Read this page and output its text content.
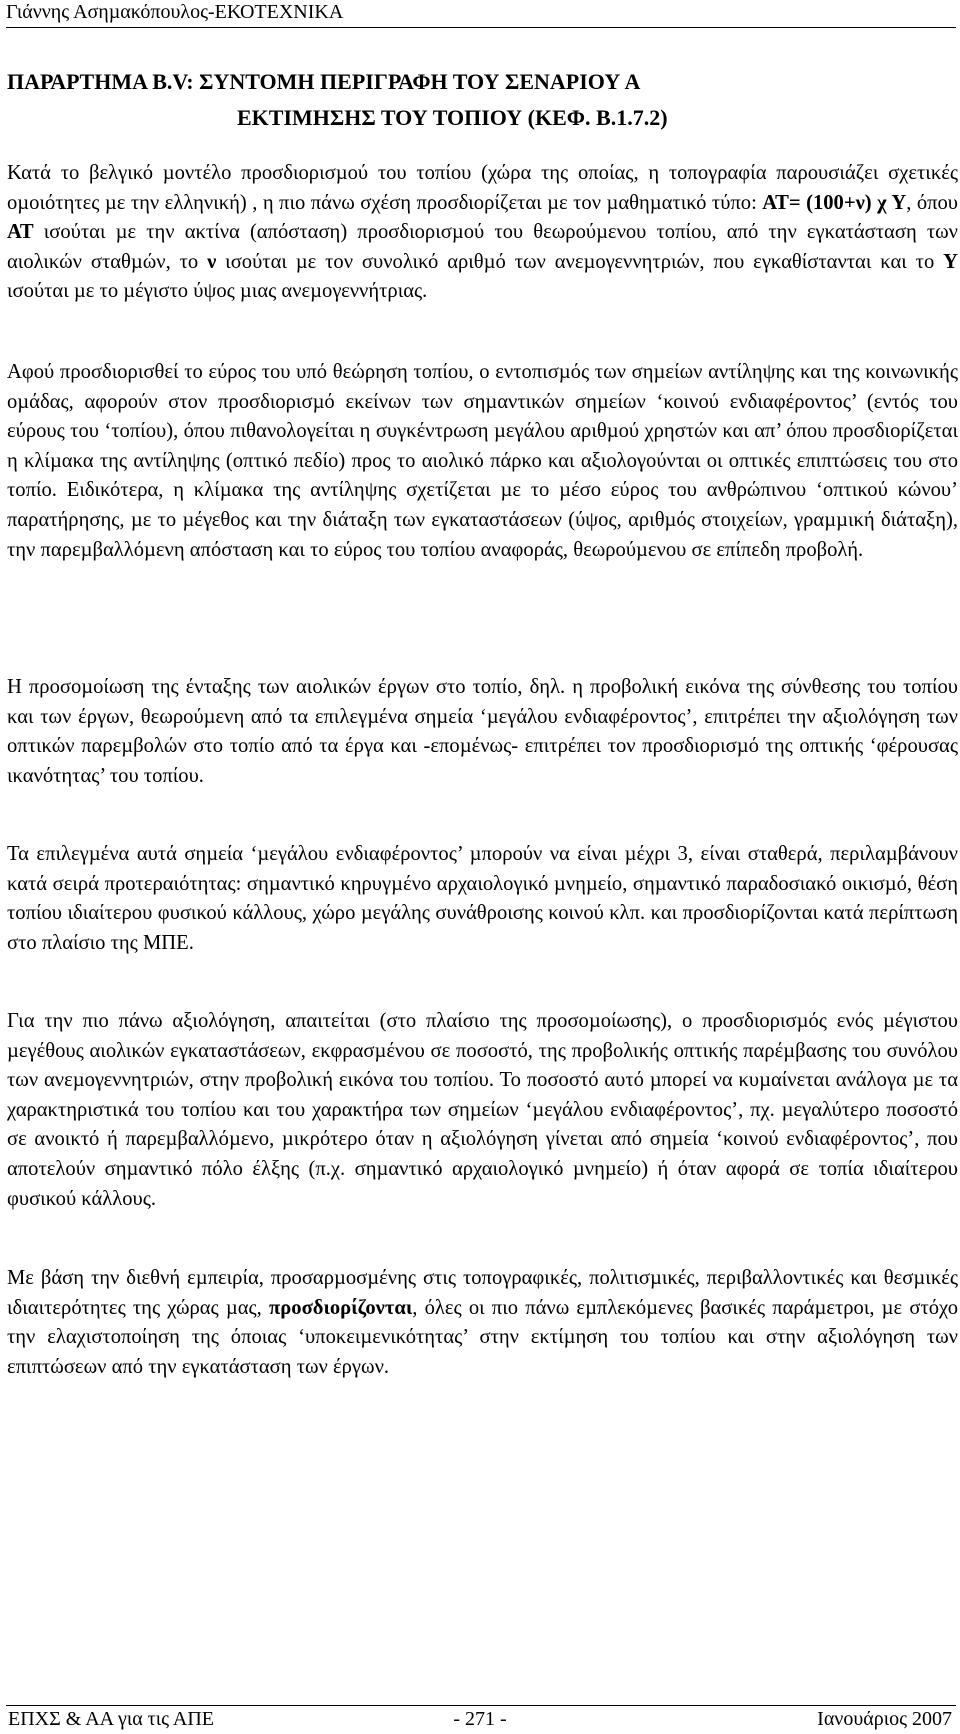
Γιάννης Ασηµακόπουλος-ΕΚΟΤΕΧΝΙΚΑ
ΠΑΡΑΡΤΗΜΑ Β.V: ΣΥΝΤΟΜΗ ΠΕΡΙΓΡΑΦΗ ΤΟΥ ΣΕΝΑΡΙΟΥ Α
ΕΚΤΙΜΗΣΗΣ ΤΟΥ ΤΟΠΙΟΥ (ΚΕΦ. Β.1.7.2)

Κατά το βελγικό µοντέλο προσδιορισµού του τοπίου (χώρα της οποίας, η τοπογραφία παρουσιάζει σχετικές οµοιότητες µε την ελληνική) , η πιο πάνω σχέση προσδιορίζεται µε τον µαθηµατικό τύπο: ΑΤ= (100+ν) χ Υ, όπου ΑΤ ισούται µε την ακτίνα (απόσταση) προσδιορισµού του θεωρούµενου τοπίου, από την εγκατάσταση των αιολικών σταθµών, το ν ισούται µε τον συνολικό αριθµό των ανεµογεννητριών, που εγκαθίστανται και το Υ ισούται µε το µέγιστο ύψος µιας ανεµογεννήτριας.

Αφού προσδιορισθεί το εύρος του υπό θεώρηση τοπίου, ο εντοπισµός των σηµείων αντίληψης και της κοινωνικής οµάδας, αφορούν στον προσδιορισµό εκείνων των σηµαντικών σηµείων ‘κοινού ενδιαφέροντος’ (εντός του εύρους του ‘τοπίου), όπου πιθανολογείται η συγκέντρωση µεγάλου αριθµού χρηστών και απ’ όπου προσδιορίζεται η κλίµακα της αντίληψης (οπτικό πεδίο) προς το αιολικό πάρκο και αξιολογούνται οι οπτικές επιπτώσεις του στο τοπίο. Ειδικότερα, η κλίµακα της αντίληψης σχετίζεται µε το µέσο εύρος του ανθρώπινου ‘οπτικού κώνου’ παρατήρησης, µε το µέγεθος και την διάταξη των εγκαταστάσεων (ύψος, αριθµός στοιχείων, γραµµική διάταξη), την παρεµβαλλόµενη απόσταση και το εύρος του τοπίου αναφοράς, θεωρούµενου σε επίπεδη προβολή.

Η προσοµοίωση της ένταξης των αιολικών έργων στο τοπίο, δηλ. η προβολική εικόνα της σύνθεσης του τοπίου και των έργων, θεωρούµενη από τα επιλεγµένα σηµεία ‘µεγάλου ενδιαφέροντος’, επιτρέπει την αξιολόγηση των οπτικών παρεµβολών στο τοπίο από τα έργα και -εποµένως- επιτρέπει τον προσδιορισµό της οπτικής ‘φέρουσας ικανότητας’ του τοπίου.

Τα επιλεγµένα αυτά σηµεία ‘µεγάλου ενδιαφέροντος’ µπορούν να είναι µέχρι 3, είναι σταθερά, περιλαµβάνουν κατά σειρά προτεραιότητας: σηµαντικό κηρυγµένο αρχαιολογικό µνηµείο, σηµαντικό παραδοσιακό οικισµό, θέση τοπίου ιδιαίτερου φυσικού κάλλους, χώρο µεγάλης συνάθροισης κοινού κλπ. και προσδιορίζονται κατά περίπτωση στο πλαίσιο της ΜΠΕ.

Για την πιο πάνω αξιολόγηση, απαιτείται (στο πλαίσιο της προσοµοίωσης), ο προσδιορισµός ενός µέγιστου µεγέθους αιολικών εγκαταστάσεων, εκφρασµένου σε ποσοστό, της προβολικής οπτικής παρέµβασης του συνόλου των ανεµογεννητριών, στην προβολική εικόνα του τοπίου. Το ποσοστό αυτό µπορεί να κυµαίνεται ανάλογα µε τα χαρακτηριστικά του τοπίου και του χαρακτήρα των σηµείων ‘µεγάλου ενδιαφέροντος’, πχ. µεγαλύτερο ποσοστό σε ανοικτό ή παρεµβαλλόµενο, µικρότερο όταν η αξιολόγηση γίνεται από σηµεία ‘κοινού ενδιαφέροντος’, που αποτελούν σηµαντικό πόλο έλξης (π.χ. σηµαντικό αρχαιολογικό µνηµείο) ή όταν αφορά σε τοπία ιδιαίτερου φυσικού κάλλους.

Με βάση την διεθνή εµπειρία, προσαρµοσµένης στις τοπογραφικές, πολιτισµικές, περιβαλλοντικές και θεσµικές ιδιαιτερότητες της χώρας µας, προσδιορίζονται, όλες οι πιο πάνω εµπλεκόµενες βασικές παράµετροι, µε στόχο την ελαχιστοποίηση της όποιας ‘υποκειµενικότητας’ στην εκτίµηση του τοπίου και στην αξιολόγηση των επιπτώσεων από την εγκατάσταση των έργων.

ΕΠΧΣ & ΑΑ για τις ΑΠΕ	- 271 -	Ιανουάριος 2007
